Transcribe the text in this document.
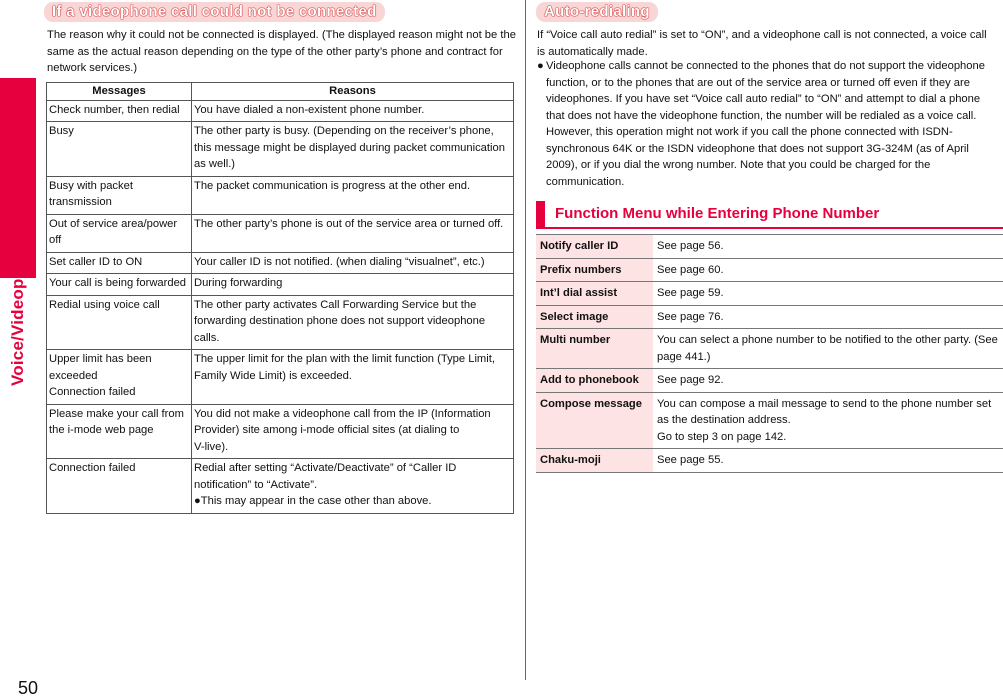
Voice/Videophone Calls/PushTalk
50
If a videophone call could not be connected

The reason why it could not be connected is displayed. (The displayed reason might not be the same as the actual reason depending on the type of the other party’s phone and contract for network services.)

Messages	Reasons
Check number, then redial	You have dialed a non-existent phone number.
Busy	The other party is busy. (Depending on the receiver’s phone, this message might be displayed during packet communication as well.)
Busy with packet transmission	The packet communication is progress at the other end.
Out of service area/power off	The other party’s phone is out of the service area or turned off.
Set caller ID to ON	Your caller ID is not notified. (when dialing “visualnet”, etc.)
Your call is being forwarded	During forwarding
Redial using voice call	The other party activates Call Forwarding Service but the forwarding destination phone does not support videophone calls.

Upper limit has been exceeded
Connection failed	The upper limit for the plan with the limit function (Type Limit, Family Wide Limit) is exceeded.
Please make your call from the i-mode web page	You did not make a videophone call from the IP (Information Provider) site among i-mode official sites (at dialing to
V-live).
Connection failed	Redial after setting “Activate/Deactivate” of “Caller ID notification” to “Activate”.
●This may appear in the case other than above.
Auto-redialing

If “Voice call auto redial” is set to “ON”, and a videophone call is not connected, a voice call is automatically made.

● Videophone calls cannot be connected to the phones that do not support the videophone function, or to the phones that are out of the service area or turned off even if they are videophones. If you have set “Voice call auto redial” to “ON” and attempt to dial a phone that does not have the videophone function, the number will be redialed as a voice call. However, this operation might not work if you call the phone connected with ISDN-synchronous 64K or the ISDN videophone that does not support 3G-324M (as of April 2009), or if you dial the wrong number. Note that you could be charged for the communication.
Function Menu while Entering Phone Number
Notify caller ID	See page 56.
Prefix numbers	See page 60.
Int’l dial assist	See page 59.
Select image	See page 76.
Multi number	You can select a phone number to be notified to the other party. (See page 441.)
Add to phonebook	See page 92.
Compose message	You can compose a mail message to send to the phone number set as the destination address.
Go to step 3 on page 142.

Chaku-moji	See page 55.
